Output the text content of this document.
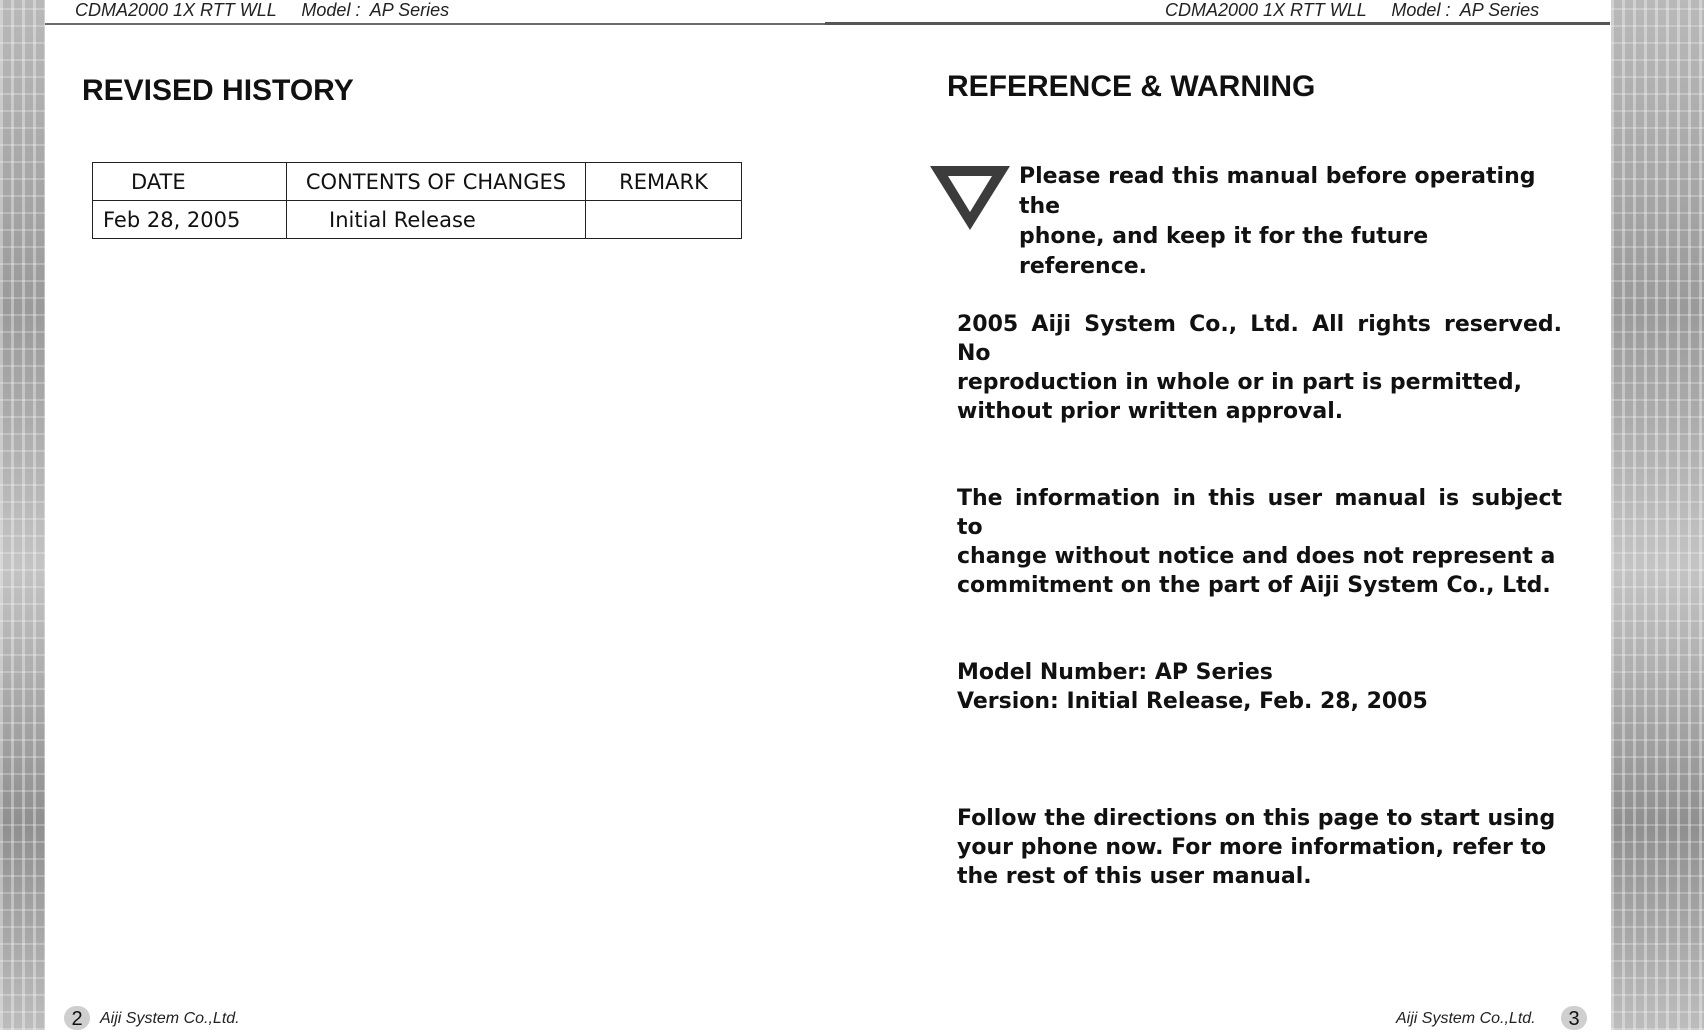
CDMA2000 1X RTT WLL     Model :  AP Series	CDMA2000 1X RTT WLL     Model :  AP Series
REVISED HISTORY
DATE	CONTENTS OF CHANGES	REMARK
Feb 28, 2005	Initial Release	
2	Aiji System Co.,Ltd.
REFERENCE & WARNING
Please read this manual before operating the
phone, and keep it for the future reference.
2005 Aiji System Co., Ltd. All rights reserved. No
reproduction in whole or in part is permitted,
without prior written approval.
The information in this user manual is subject to
change without notice and does not represent a
commitment on the part of Aiji System Co., Ltd.
Model Number: AP Series
Version: Initial Release, Feb. 28, 2005
Follow the directions on this page to start using
your phone now. For more information, refer to
the rest of this user manual.
Aiji System Co.,Ltd.	3
